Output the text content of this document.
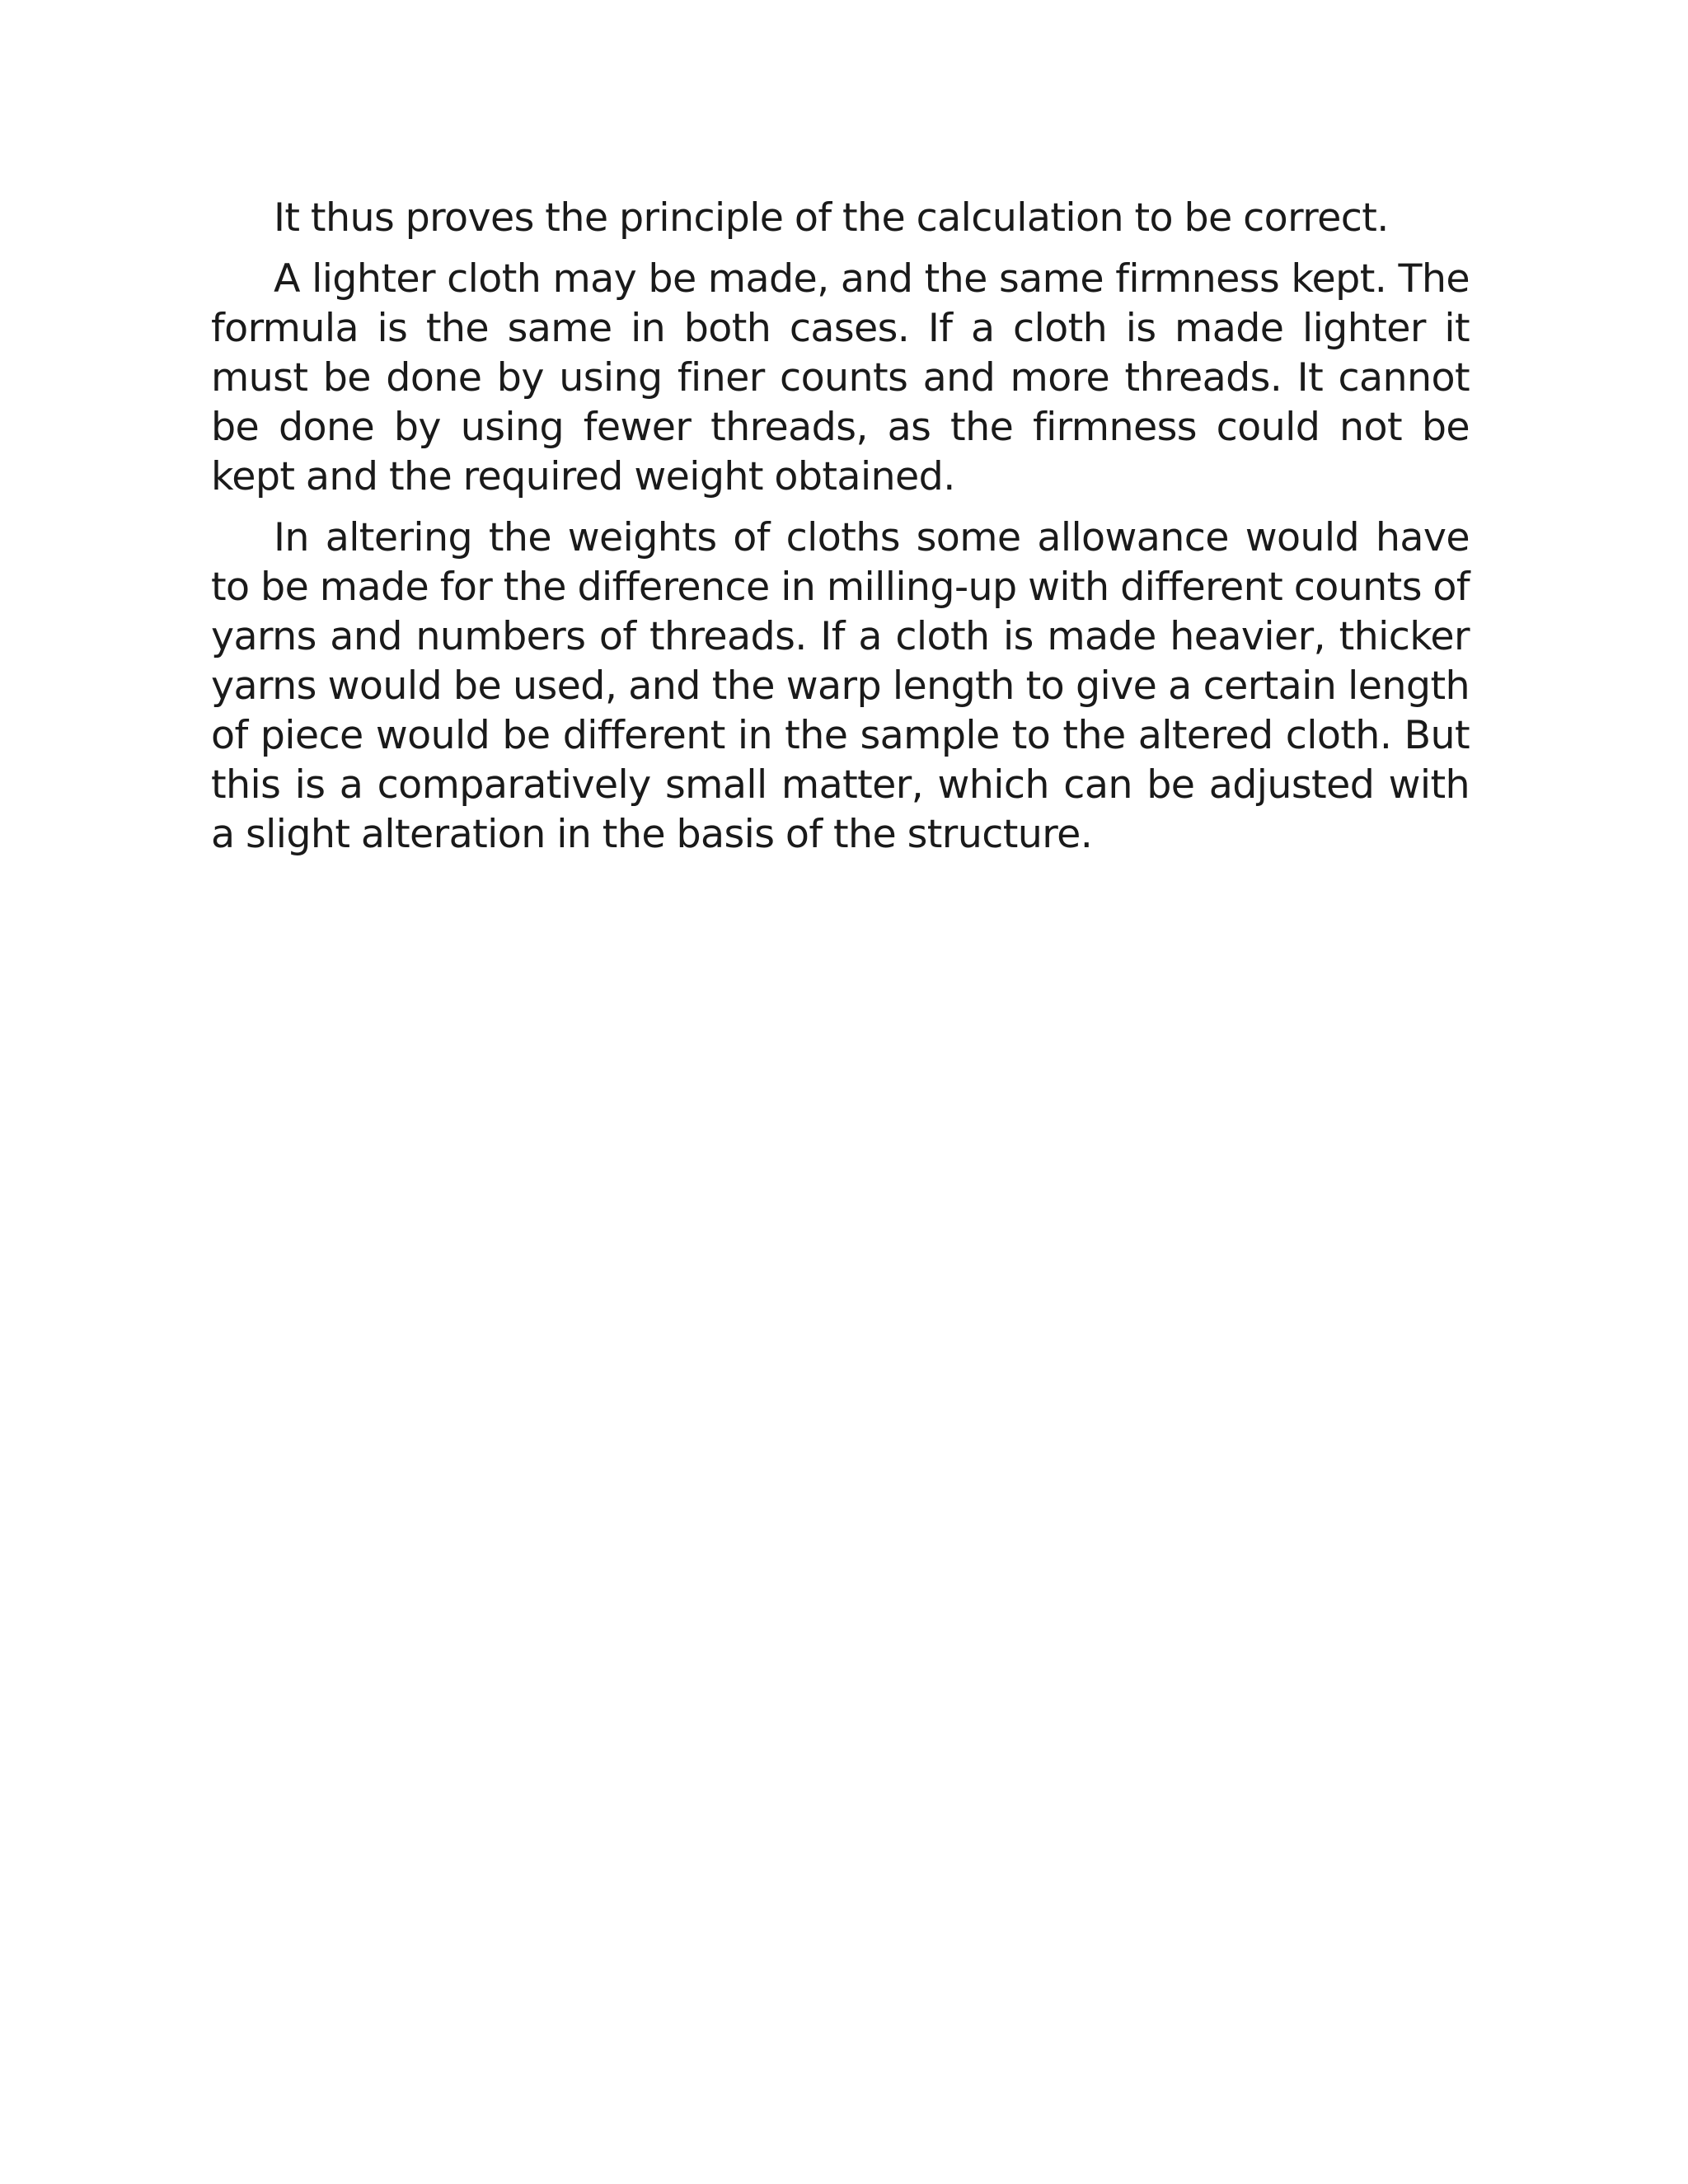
It thus proves the principle of the calculation to be correct.

A lighter cloth may be made, and the same firmness kept. The formula is the same in both cases. If a cloth is made lighter it must be done by using finer counts and more threads. It cannot be done by using fewer threads, as the firmness could not be kept and the required weight obtained.

In altering the weights of cloths some allowance would have to be made for the difference in milling-up with different counts of yarns and numbers of threads. If a cloth is made heavier, thicker yarns would be used, and the warp length to give a certain length of piece would be different in the sample to the altered cloth. But this is a comparatively small matter, which can be adjusted with a slight alteration in the basis of the structure.
